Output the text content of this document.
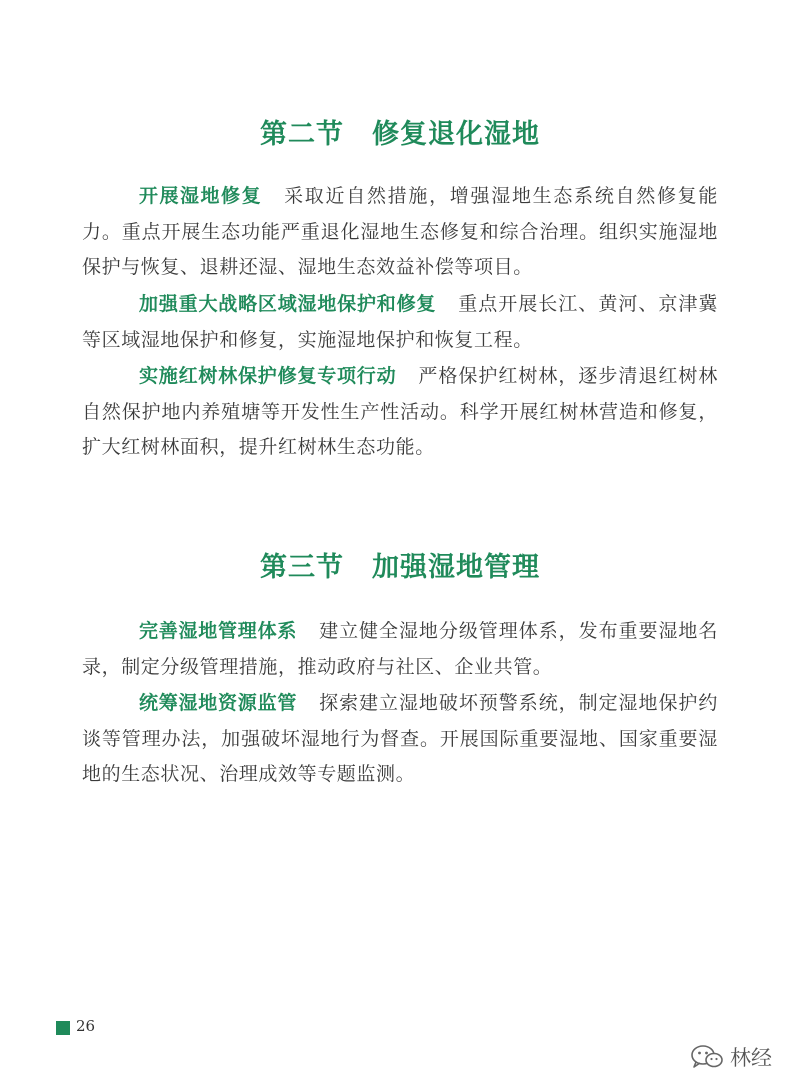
第二节　修复退化湿地

开展湿地修复 采取近自然措施，增强湿地生态系统自然修复能力。重点开展生态功能严重退化湿地生态修复和综合治理。组织实施湿地保护与恢复、退耕还湿、湿地生态效益补偿等项目。

加强重大战略区域湿地保护和修复 重点开展长江、黄河、京津冀等区域湿地保护和修复，实施湿地保护和恢复工程。

实施红树林保护修复专项行动 严格保护红树林，逐步清退红树林自然保护地内养殖塘等开发性生产性活动。科学开展红树林营造和修复，扩大红树林面积，提升红树林生态功能。

第三节　加强湿地管理

完善湿地管理体系 建立健全湿地分级管理体系，发布重要湿地名录，制定分级管理措施，推动政府与社区、企业共管。

统筹湿地资源监管 探索建立湿地破坏预警系统，制定湿地保护约谈等管理办法，加强破坏湿地行为督查。开展国际重要湿地、国家重要湿地的生态状况、治理成效等专题监测。

26
林经
